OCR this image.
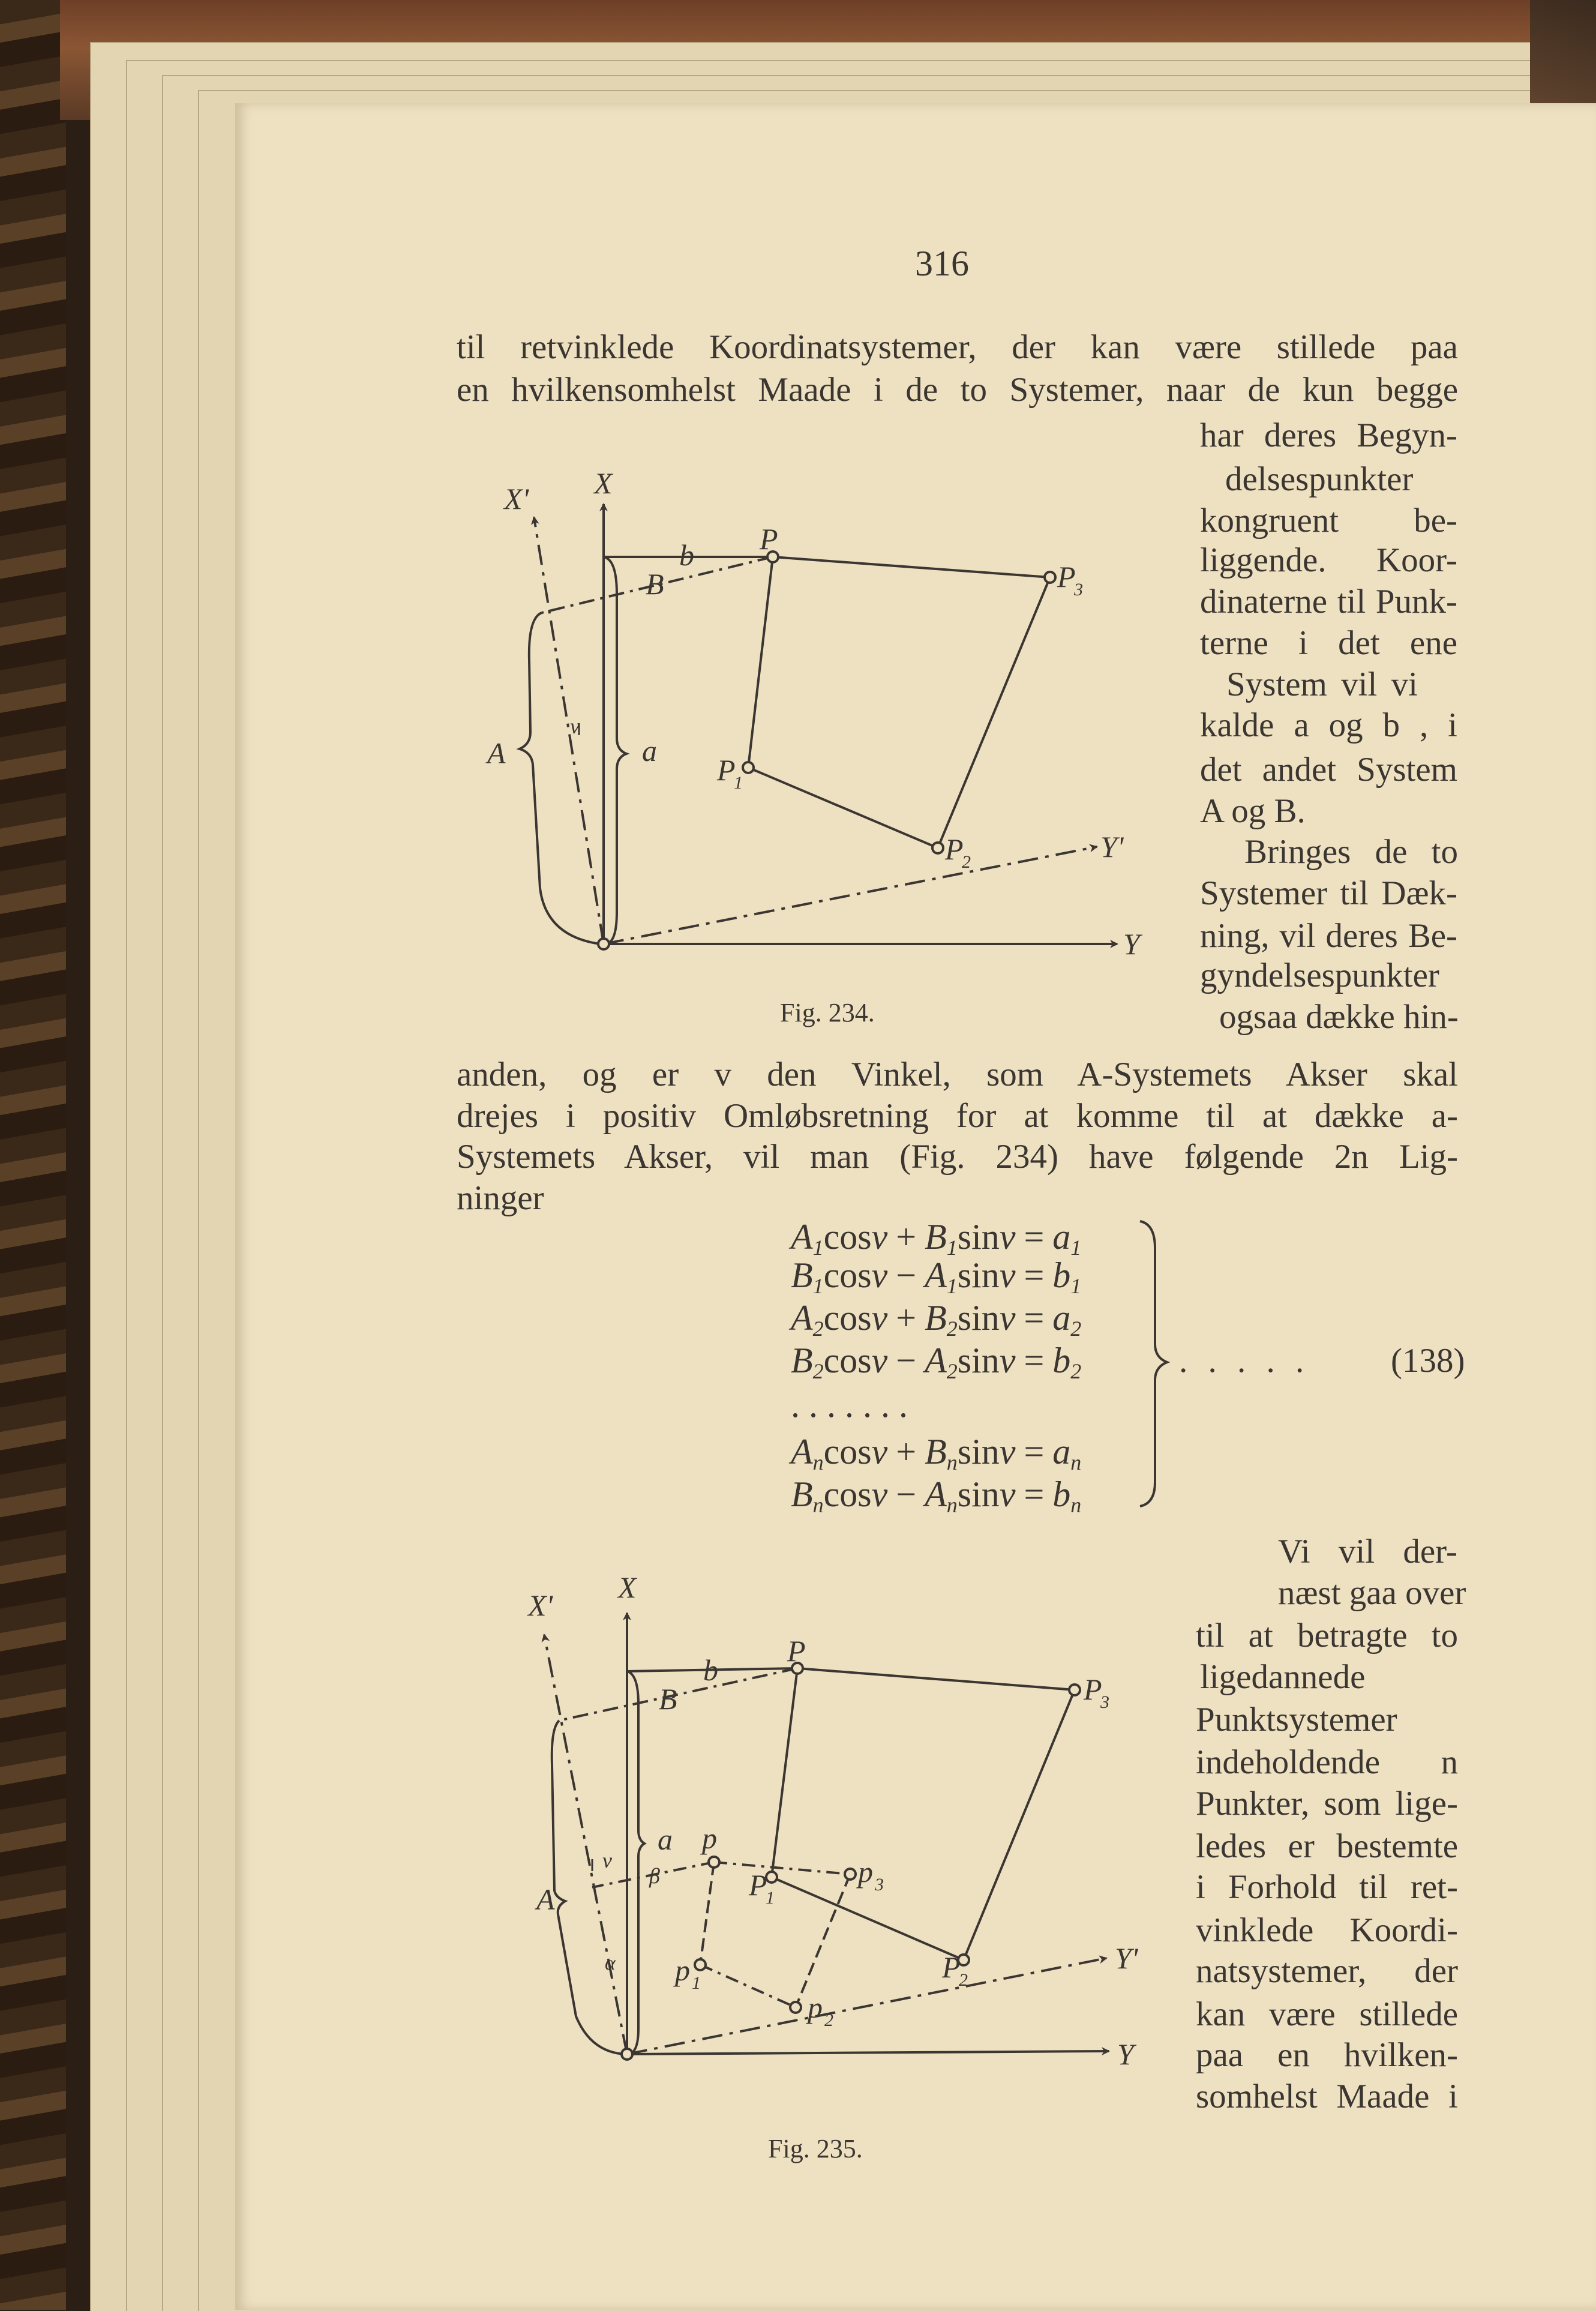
316
til retvinklede Koordinatsystemer, der kan være stillede paa
en hvilkensomhelst Maade i de to Systemer, naar de kun begge
har deres Begyn-
delsespunkter
kongruent be-
liggende. Koor-
dinaterne til Punk-
terne i det ene
System vil vi
kalde a og b , i
det andet System
A og B.
Bringes de to
Systemer til Dæk-
ning, vil deres Be-
gyndelsespunkter
ogsaa dække hin-
anden, og er v den Vinkel, som A-Systemets Akser skal
drejes i positiv Omløbsretning for at komme til at dække a-
Systemets Akser, vil man (Fig. 234) have følgende 2n Lig-
ninger
Vi vil der-
næst gaa over
til at betragte to
ligedannede
Punktsystemer
indeholdende n
Punkter, som lige-
ledes er bestemte
i Forhold til ret-
vinklede Koordi-
natsystemer, der
kan være stillede
paa en hvilken-
somhelst Maade i
Fig. 234.
Fig. 235.
$A_1\cos v + B_1\sin v = a_1$
$B_1\cos v - A_1\sin v = b_1$
$A_2\cos v + B_2\sin v = a_2$
$B_2\cos v - A_2\sin v = b_2$
$A_n\cos v + B_n\sin v = a_n$
$B_n\cos v - A_n\sin v = b_n$
. . . . . . .
. . . . . (138)
X' X
Y
Y'
P
b
B	P
3
P
1
P
2
a
A
v
X'
X
Y
Y'
P
b
B	P
3
P
1
P
2
a
A
v
p
p 3
p 1
p 2
β
α
